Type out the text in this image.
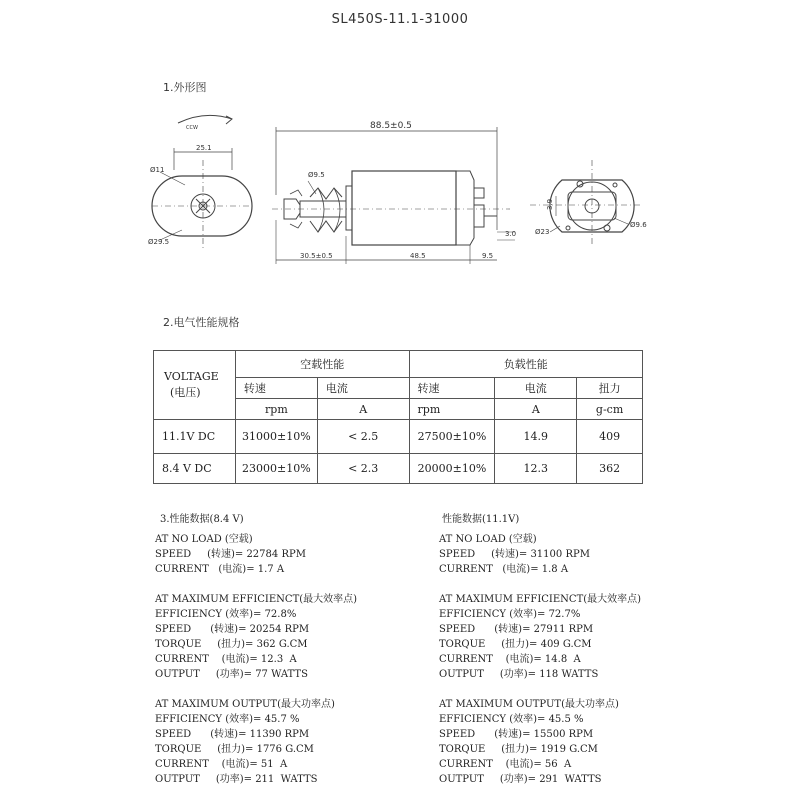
SL450S-11.1-31000
1.外形图
CCW
25.1
Ø11
Ø29.5
88.5±0.5
Ø9.5
30.5±0.5	48.5	9.5
3.0
3.9
Ø23
Ø9.6
2.电气性能规格
VOLTAGE
(电压)	空载性能		负载性能		
	转速	电流	转速	电流	扭力
	rpm	A	rpm	A	g-cm
11.1V DC	31000±10%	< 2.5	27500±10%	14.9	409
8.4 V DC	23000±10%	< 2.3	20000±10%	12.3	362
3.性能数据(8.4 V)	性能数据(11.1V)
AT NO LOAD (空载)
SPEED     (转速)= 22784 RPM
CURRENT   (电流)= 1.7 A
AT MAXIMUM EFFICIENCT(最大效率点)
EFFICIENCY (效率)= 72.8%
SPEED      (转速)= 20254 RPM
TORQUE     (扭力)= 362 G.CM
CURRENT    (电流)= 12.3  A
OUTPUT     (功率)= 77 WATTS
AT MAXIMUM OUTPUT(最大功率点)
EFFICIENCY (效率)= 45.7 %
SPEED      (转速)= 11390 RPM
TORQUE     (扭力)= 1776 G.CM
CURRENT    (电流)= 51  A
OUTPUT     (功率)= 211  WATTS
AT NO LOAD (空载)
SPEED     (转速)= 31100 RPM
CURRENT   (电流)= 1.8 A
AT MAXIMUM EFFICIENCT(最大效率点)
EFFICIENCY (效率)= 72.7%
SPEED      (转速)= 27911 RPM
TORQUE     (扭力)= 409 G.CM
CURRENT    (电流)= 14.8  A
OUTPUT     (功率)= 118 WATTS
AT MAXIMUM OUTPUT(最大功率点)
EFFICIENCY (效率)= 45.5 %
SPEED      (转速)= 15500 RPM
TORQUE     (扭力)= 1919 G.CM
CURRENT    (电流)= 56  A
OUTPUT     (功率)= 291  WATTS
